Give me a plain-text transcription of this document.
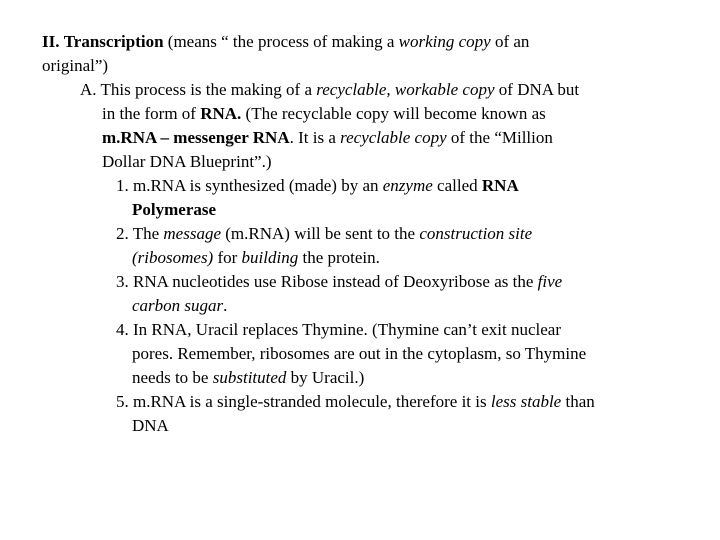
II. Transcription (means “ the process of making a working copy of an
original”)
A. This process is the making of a recyclable, workable copy of DNA but
in the form of RNA. (The recyclable copy will become known as
m.RNA – messenger RNA. It is a recyclable copy of the “Million
Dollar DNA Blueprint”.)
1. m.RNA is synthesized (made) by an enzyme called RNA
Polymerase
2. The message (m.RNA) will be sent to the construction site
(ribosomes) for building the protein.
3. RNA nucleotides use Ribose instead of Deoxyribose as the five
carbon sugar.
4. In RNA, Uracil replaces Thymine. (Thymine can’t exit nuclear
pores. Remember, ribosomes are out in the cytoplasm, so Thymine
needs to be substituted by Uracil.)
5. m.RNA is a single-stranded molecule, therefore it is less stable than
DNA
